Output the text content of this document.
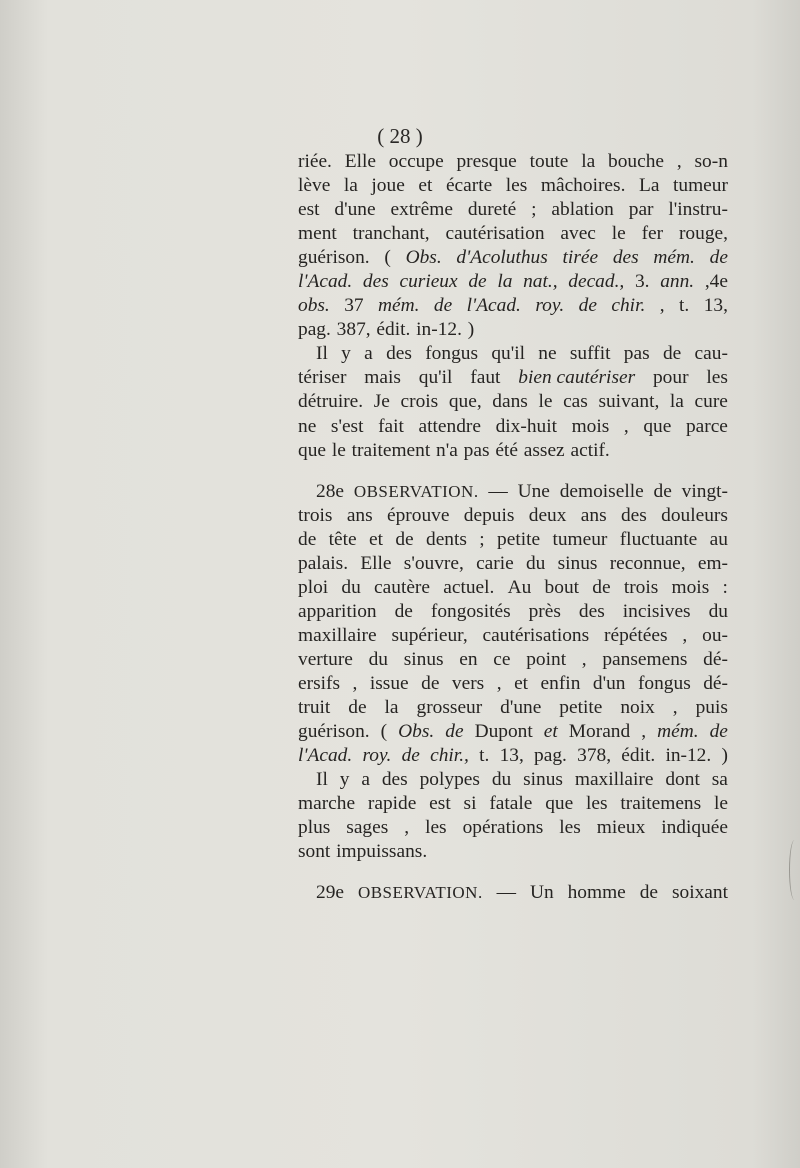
( 28 )
riée. Elle occupe presque toute la bouche , so-n
lève la joue et écarte les mâchoires. La tumeur
est d'une extrême dureté ; ablation par l'instru-
ment tranchant, cautérisation avec le fer rouge,
guérison. ( Obs. d'Acoluthus tirée des mém. de
l'Acad. des curieux de la nat., decad., 3. ann. ,4e
obs. 37 mém. de l'Acad. roy. de chir. , t. 13,
pag. 387, édit. in-12. )
Il y a des fongus qu'il ne suffit pas de cau-
tériser mais qu'il faut bien cautériser pour les
détruire. Je crois que, dans le cas suivant, la cure
ne s'est fait attendre dix-huit mois , que parce
que le traitement n'a pas été assez actif.
28e OBSERVATION. — Une demoiselle de vingt-
trois ans éprouve depuis deux ans des douleurs
de tête et de dents ; petite tumeur fluctuante au
palais. Elle s'ouvre, carie du sinus reconnue, em-
ploi du cautère actuel. Au bout de trois mois :
apparition de fongosités près des incisives du
maxillaire supérieur, cautérisations répétées , ou-
verture du sinus en ce point , pansemens dé-
ersifs , issue de vers , et enfin d'un fongus dé-
truit de la grosseur d'une petite noix , puis
guérison. ( Obs. de Dupont et Morand , mém. de
l'Acad. roy. de chir., t. 13, pag. 378, édit. in-12. )
Il y a des polypes du sinus maxillaire dont sa
marche rapide est si fatale que les traitemens le
plus sages , les opérations les mieux indiquée
sont impuissans.
29e OBSERVATION. — Un homme de soixant
